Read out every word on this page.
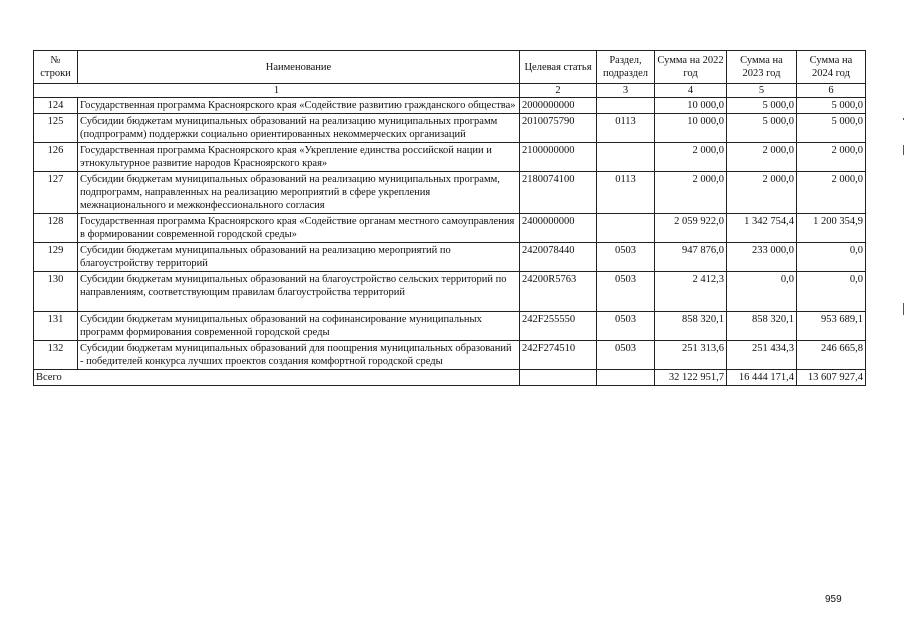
№ строки	Наименование	Целевая статья	Раздел, подраздел	Сумма на 2022 год	Сумма на 2023 год	Сумма на 2024 год
1		2	3	4	5	6
124	Государственная программа Красноярского края «Содействие развитию гражданского общества»	2000000000		10 000,0	5 000,0	5 000,0
125	Субсидии бюджетам муниципальных образований на реализацию муниципальных программ (подпрограмм) поддержки социально ориентированных некоммерческих организаций	2010075790	0113	10 000,0	5 000,0	5 000,0
126	Государственная программа Красноярского края «Укрепление единства российской нации и этнокультурное развитие народов Красноярского края»	2100000000		2 000,0	2 000,0	2 000,0
127	Субсидии бюджетам муниципальных образований на реализацию муниципальных программ, подпрограмм, направленных на реализацию мероприятий в сфере укрепления межнационального и межконфессионального согласия	2180074100	0113	2 000,0	2 000,0	2 000,0
128	Государственная программа Красноярского края «Содействие органам местного самоуправления в формировании современной городской среды»	2400000000		2 059 922,0	1 342 754,4	1 200 354,9
129	Субсидии бюджетам муниципальных образований на реализацию мероприятий по благоустройству территорий	2420078440	0503	947 876,0	233 000,0	0,0
130	Субсидии бюджетам муниципальных образований на благоустройство сельских территорий по направлениям, соответствующим правилам благоустройства территорий	24200R5763	0503	2 412,3	0,0	0,0
131	Субсидии бюджетам муниципальных образований на софинансирование муниципальных программ формирования современной городской среды	242F255550	0503	858 320,1	858 320,1	953 689,1
132	Субсидии бюджетам муниципальных образований для поощрения муниципальных образований - победителей конкурса лучших проектов создания комфортной городской среды	242F274510	0503	251 313,6	251 434,3	246 665,8
Всего				32 122 951,7	16 444 171,4	13 607 927,4
959
